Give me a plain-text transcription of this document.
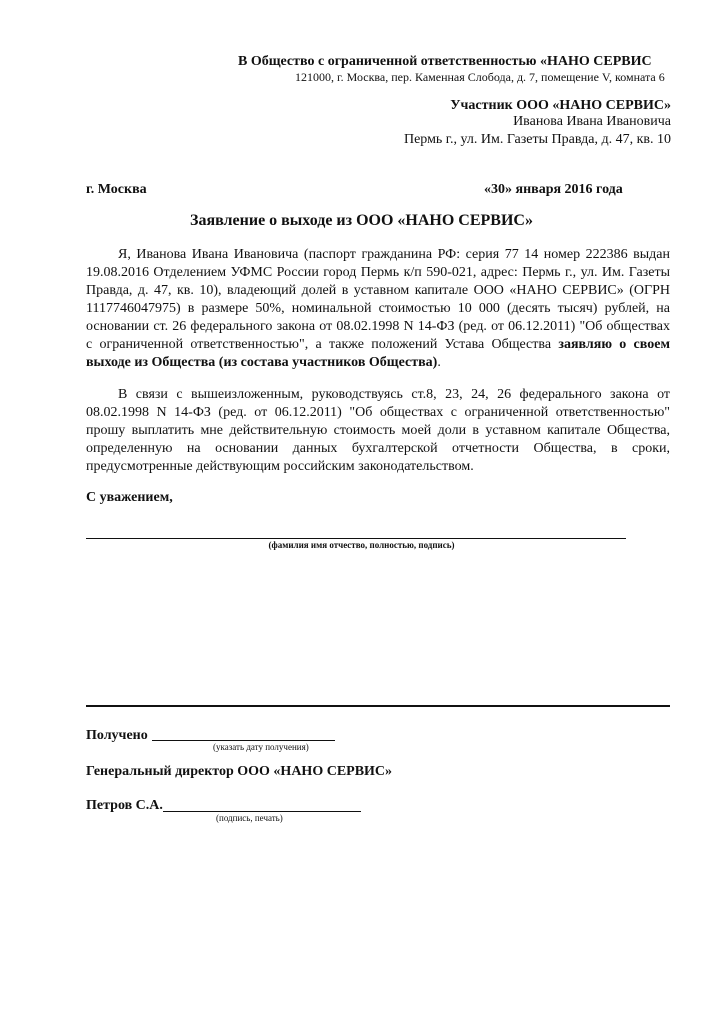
В Общество с ограниченной ответственностью «НАНО СЕРВИС
121000, г. Москва, пер. Каменная Слобода, д. 7, помещение V, комната 6
Участник ООО «НАНО СЕРВИС»
Иванова Ивана Ивановича
Пермь г., ул. Им. Газеты Правда, д. 47, кв. 10
г. Москва	«30» января 2016 года
Заявление о выходе из ООО «НАНО СЕРВИС»

Я, Иванова Ивана Ивановича (паспорт гражданина РФ: серия 77 14 номер 222386 выдан 19.08.2016 Отделением УФМС России город Пермь к/п 590-021, адрес: Пермь г., ул. Им. Газеты Правда, д. 47, кв. 10), владеющий долей в уставном капитале ООО «НАНО СЕРВИС» (ОГРН 1117746047975) в размере 50%, номинальной стоимостью 10 000 (десять тысяч) рублей, на основании ст. 26 федерального закона от 08.02.1998 N 14-ФЗ (ред. от 06.12.2011) "Об обществах с ограниченной ответственностью", а также положений Устава Общества заявляю о своем выходе из Общества (из состава участников Общества).

В связи с вышеизложенным, руководствуясь ст.8, 23, 24, 26 федерального закона от 08.02.1998 N 14-ФЗ (ред. от 06.12.2011) "Об обществах с ограниченной ответственностью" прошу выплатить мне действительную стоимость моей доли в уставном капитале Общества, определенную на основании данных бухгалтерской отчетности Общества, в сроки, предусмотренные действующим российским законодательством.

С уважением,
(фамилия имя отчество, полностью, подпись)
Получено
(указать дату получения)
Генеральный директор ООО «НАНО СЕРВИС»
Петров С.А.
(подпись, печать)
